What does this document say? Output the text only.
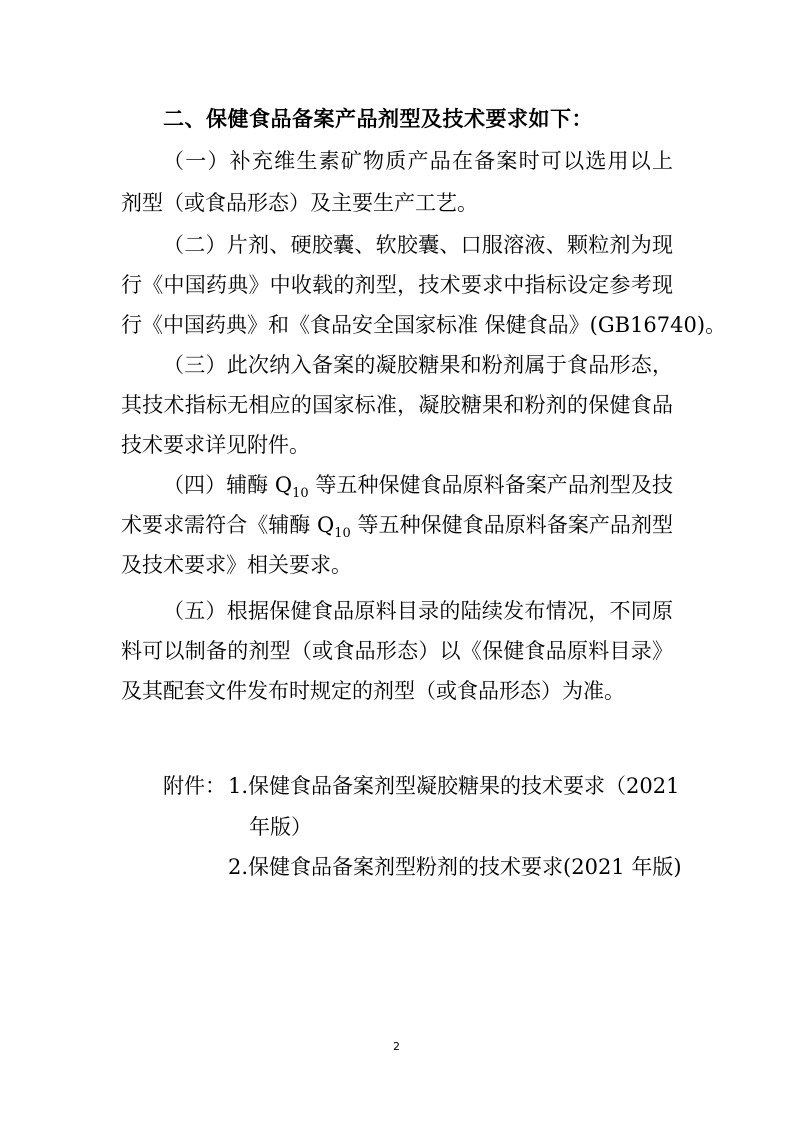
二、保健食品备案产品剂型及技术要求如下：
（一）补充维生素矿物质产品在备案时可以选用以上
剂型（或食品形态）及主要生产工艺。
（二）片剂、硬胶囊、软胶囊、口服溶液、颗粒剂为现
行《中国药典》中收载的剂型，技术要求中指标设定参考现
行《中国药典》和《食品安全国家标准 保健食品》(GB16740)。
（三）此次纳入备案的凝胶糖果和粉剂属于食品形态，
其技术指标无相应的国家标准，凝胶糖果和粉剂的保健食品
技术要求详见附件。
（四）辅酶 $Q_{10}$ 等五种保健食品原料备案产品剂型及技
术要求需符合《辅酶 $Q_{10}$ 等五种保健食品原料备案产品剂型
及技术要求》相关要求。
（五）根据保健食品原料目录的陆续发布情况，不同原
料可以制备的剂型（或食品形态）以《保健食品原料目录》
及其配套文件发布时规定的剂型（或食品形态）为准。
附件： 1.保健食品备案剂型凝胶糖果的技术要求（2021
年版）
2.保健食品备案剂型粉剂的技术要求(2021 年版)
2
